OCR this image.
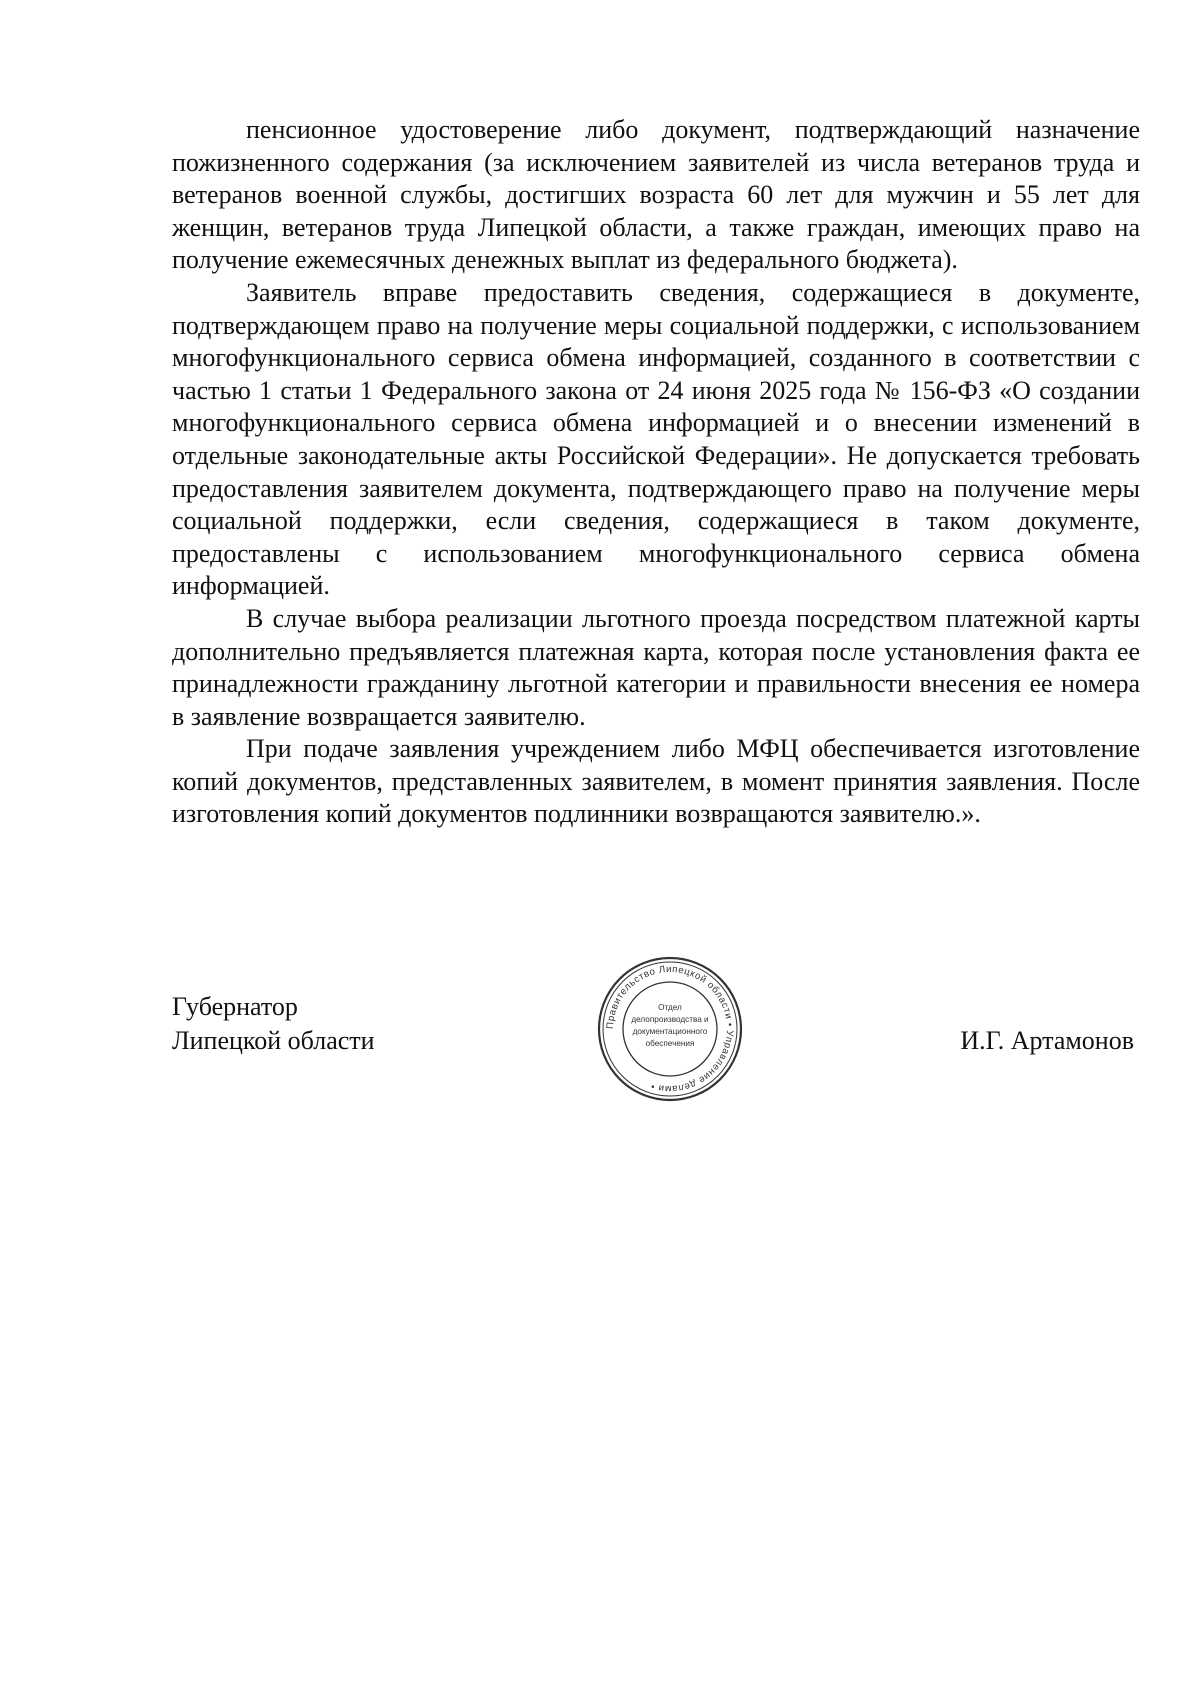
пенсионное удостоверение либо документ, подтверждающий назначение пожизненного содержания (за исключением заявителей из числа ветеранов труда и ветеранов военной службы, достигших возраста 60 лет для мужчин и 55 лет для женщин, ветеранов труда Липецкой области, а также граждан, имеющих право на получение ежемесячных денежных выплат из федерального бюджета).

Заявитель вправе предоставить сведения, содержащиеся в документе, подтверждающем право на получение меры социальной поддержки, с использованием многофункционального сервиса обмена информацией, созданного в соответствии с частью 1 статьи 1 Федерального закона от 24 июня 2025 года № 156-ФЗ «О создании многофункционального сервиса обмена информацией и о внесении изменений в отдельные законодательные акты Российской Федерации». Не допускается требовать предоставления заявителем документа, подтверждающего право на получение меры социальной поддержки, если сведения, содержащиеся в таком документе, предоставлены с использованием многофункционального сервиса обмена информацией.

В случае выбора реализации льготного проезда посредством платежной карты дополнительно предъявляется платежная карта, которая после установления факта ее принадлежности гражданину льготной категории и правильности внесения ее номера в заявление возвращается заявителю.

При подаче заявления учреждением либо МФЦ обеспечивается изготовление копий документов, представленных заявителем, в момент принятия заявления. После изготовления копий документов подлинники возвращаются заявителю.».

Губернатор
Липецкой области	И.Г. Артамонов
Правительство Липецкой области • Управление делами •
Отдел
делопроизводства и
документационного
обеспечения
